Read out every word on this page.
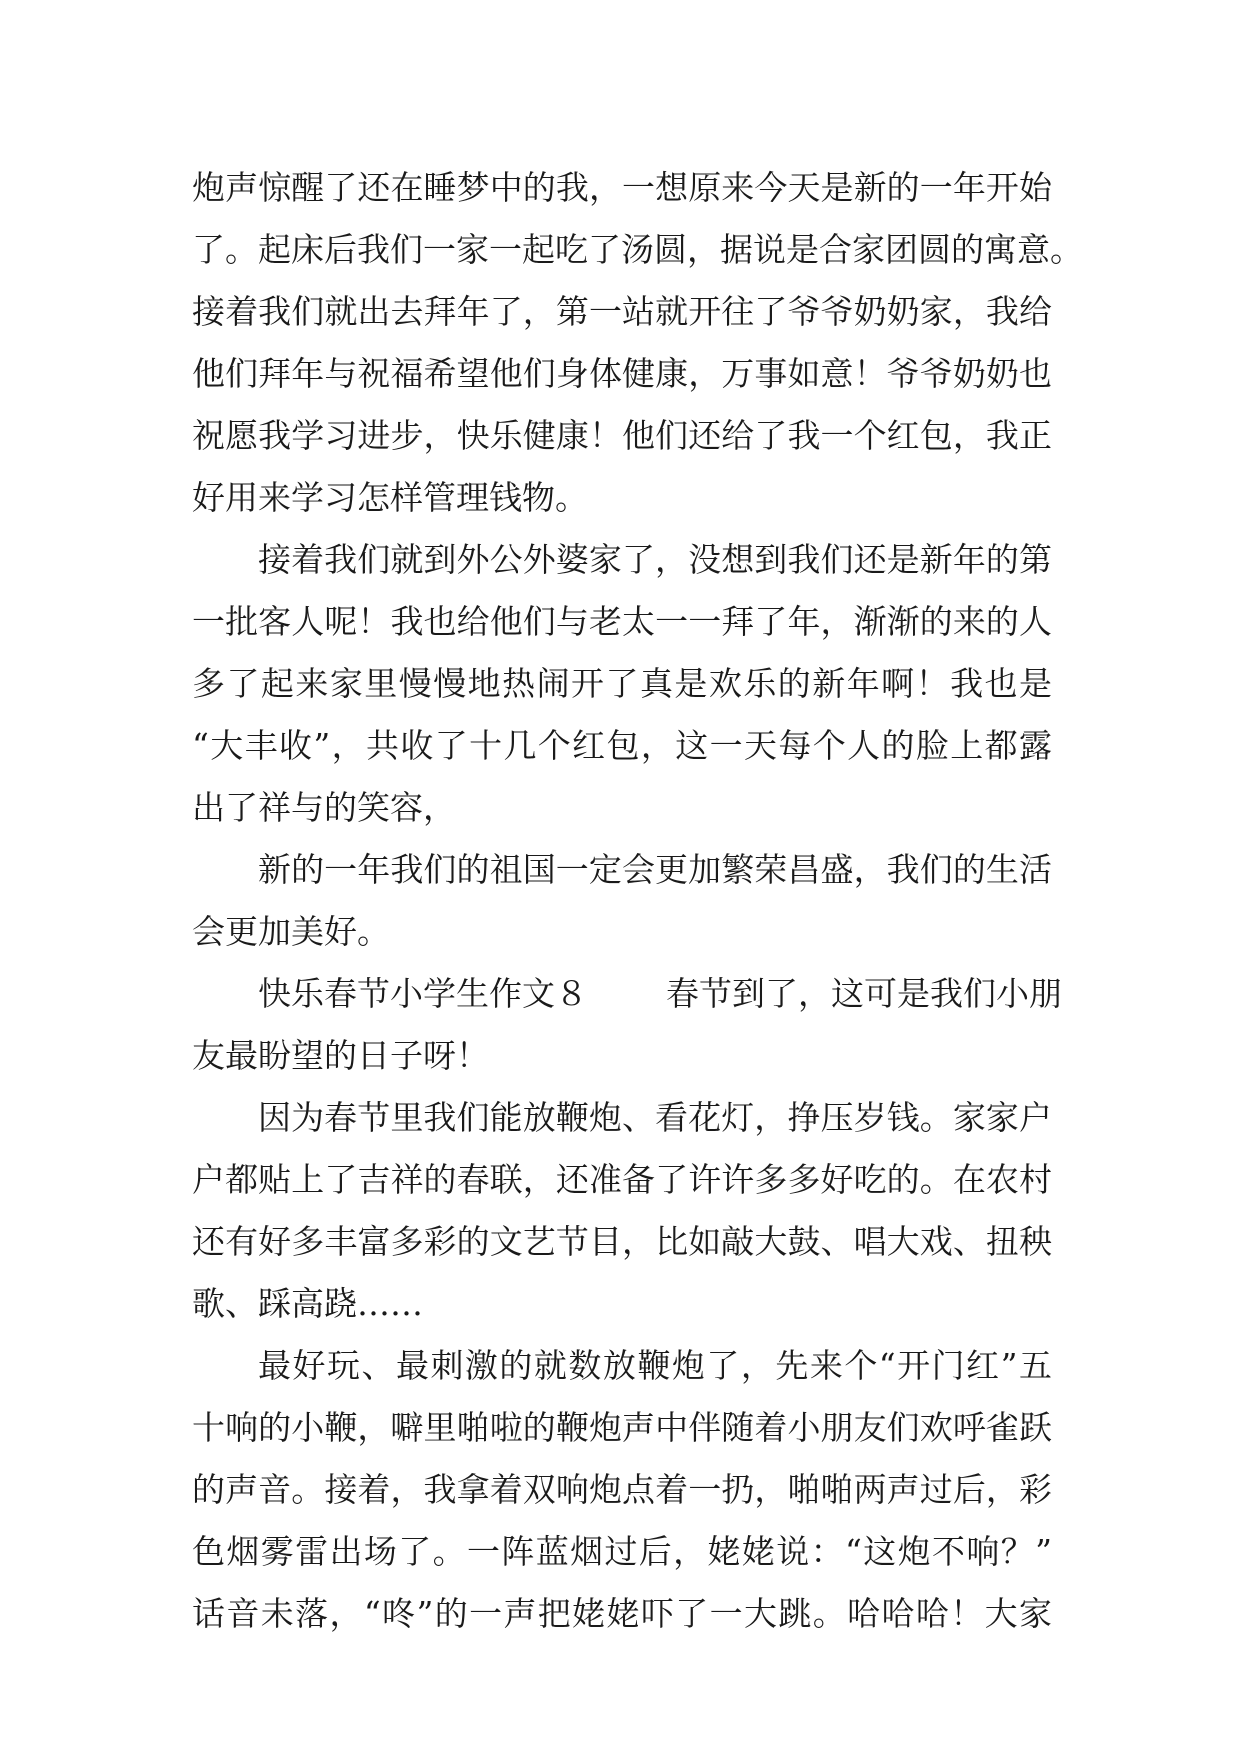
炮声惊醒了还在睡梦中的我，一想原来今天是新的一年开始
了。起床后我们一家一起吃了汤圆，据说是合家团圆的寓意。
接着我们就出去拜年了，第一站就开往了爷爷奶奶家，我给
他们拜年与祝福希望他们身体健康，万事如意！爷爷奶奶也
祝愿我学习进步，快乐健康！他们还给了我一个红包，我正
好用来学习怎样管理钱物。
接着我们就到外公外婆家了，没想到我们还是新年的第
一批客人呢！我也给他们与老太一一拜了年，渐渐的来的人
多了起来家里慢慢地热闹开了真是欢乐的新年啊！我也是
“大丰收”，共收了十几个红包，这一天每个人的脸上都露
出了祥与的笑容，
新的一年我们的祖国一定会更加繁荣昌盛，我们的生活
会更加美好。
快乐春节小学生作文８ 春节到了，这可是我们小朋
友最盼望的日子呀！
因为春节里我们能放鞭炮、看花灯，挣压岁钱。家家户
户都贴上了吉祥的春联，还准备了许许多多好吃的。在农村
还有好多丰富多彩的文艺节目，比如敲大鼓、唱大戏、扭秧
歌、踩高跷……
最好玩、最刺激的就数放鞭炮了，先来个“开门红”五
十响的小鞭，噼里啪啦的鞭炮声中伴随着小朋友们欢呼雀跃
的声音。接着，我拿着双响炮点着一扔，啪啪两声过后，彩
色烟雾雷出场了。一阵蓝烟过后，姥姥说：“这炮不响？”
话音未落，“咚”的一声把姥姥吓了一大跳。哈哈哈！大家
